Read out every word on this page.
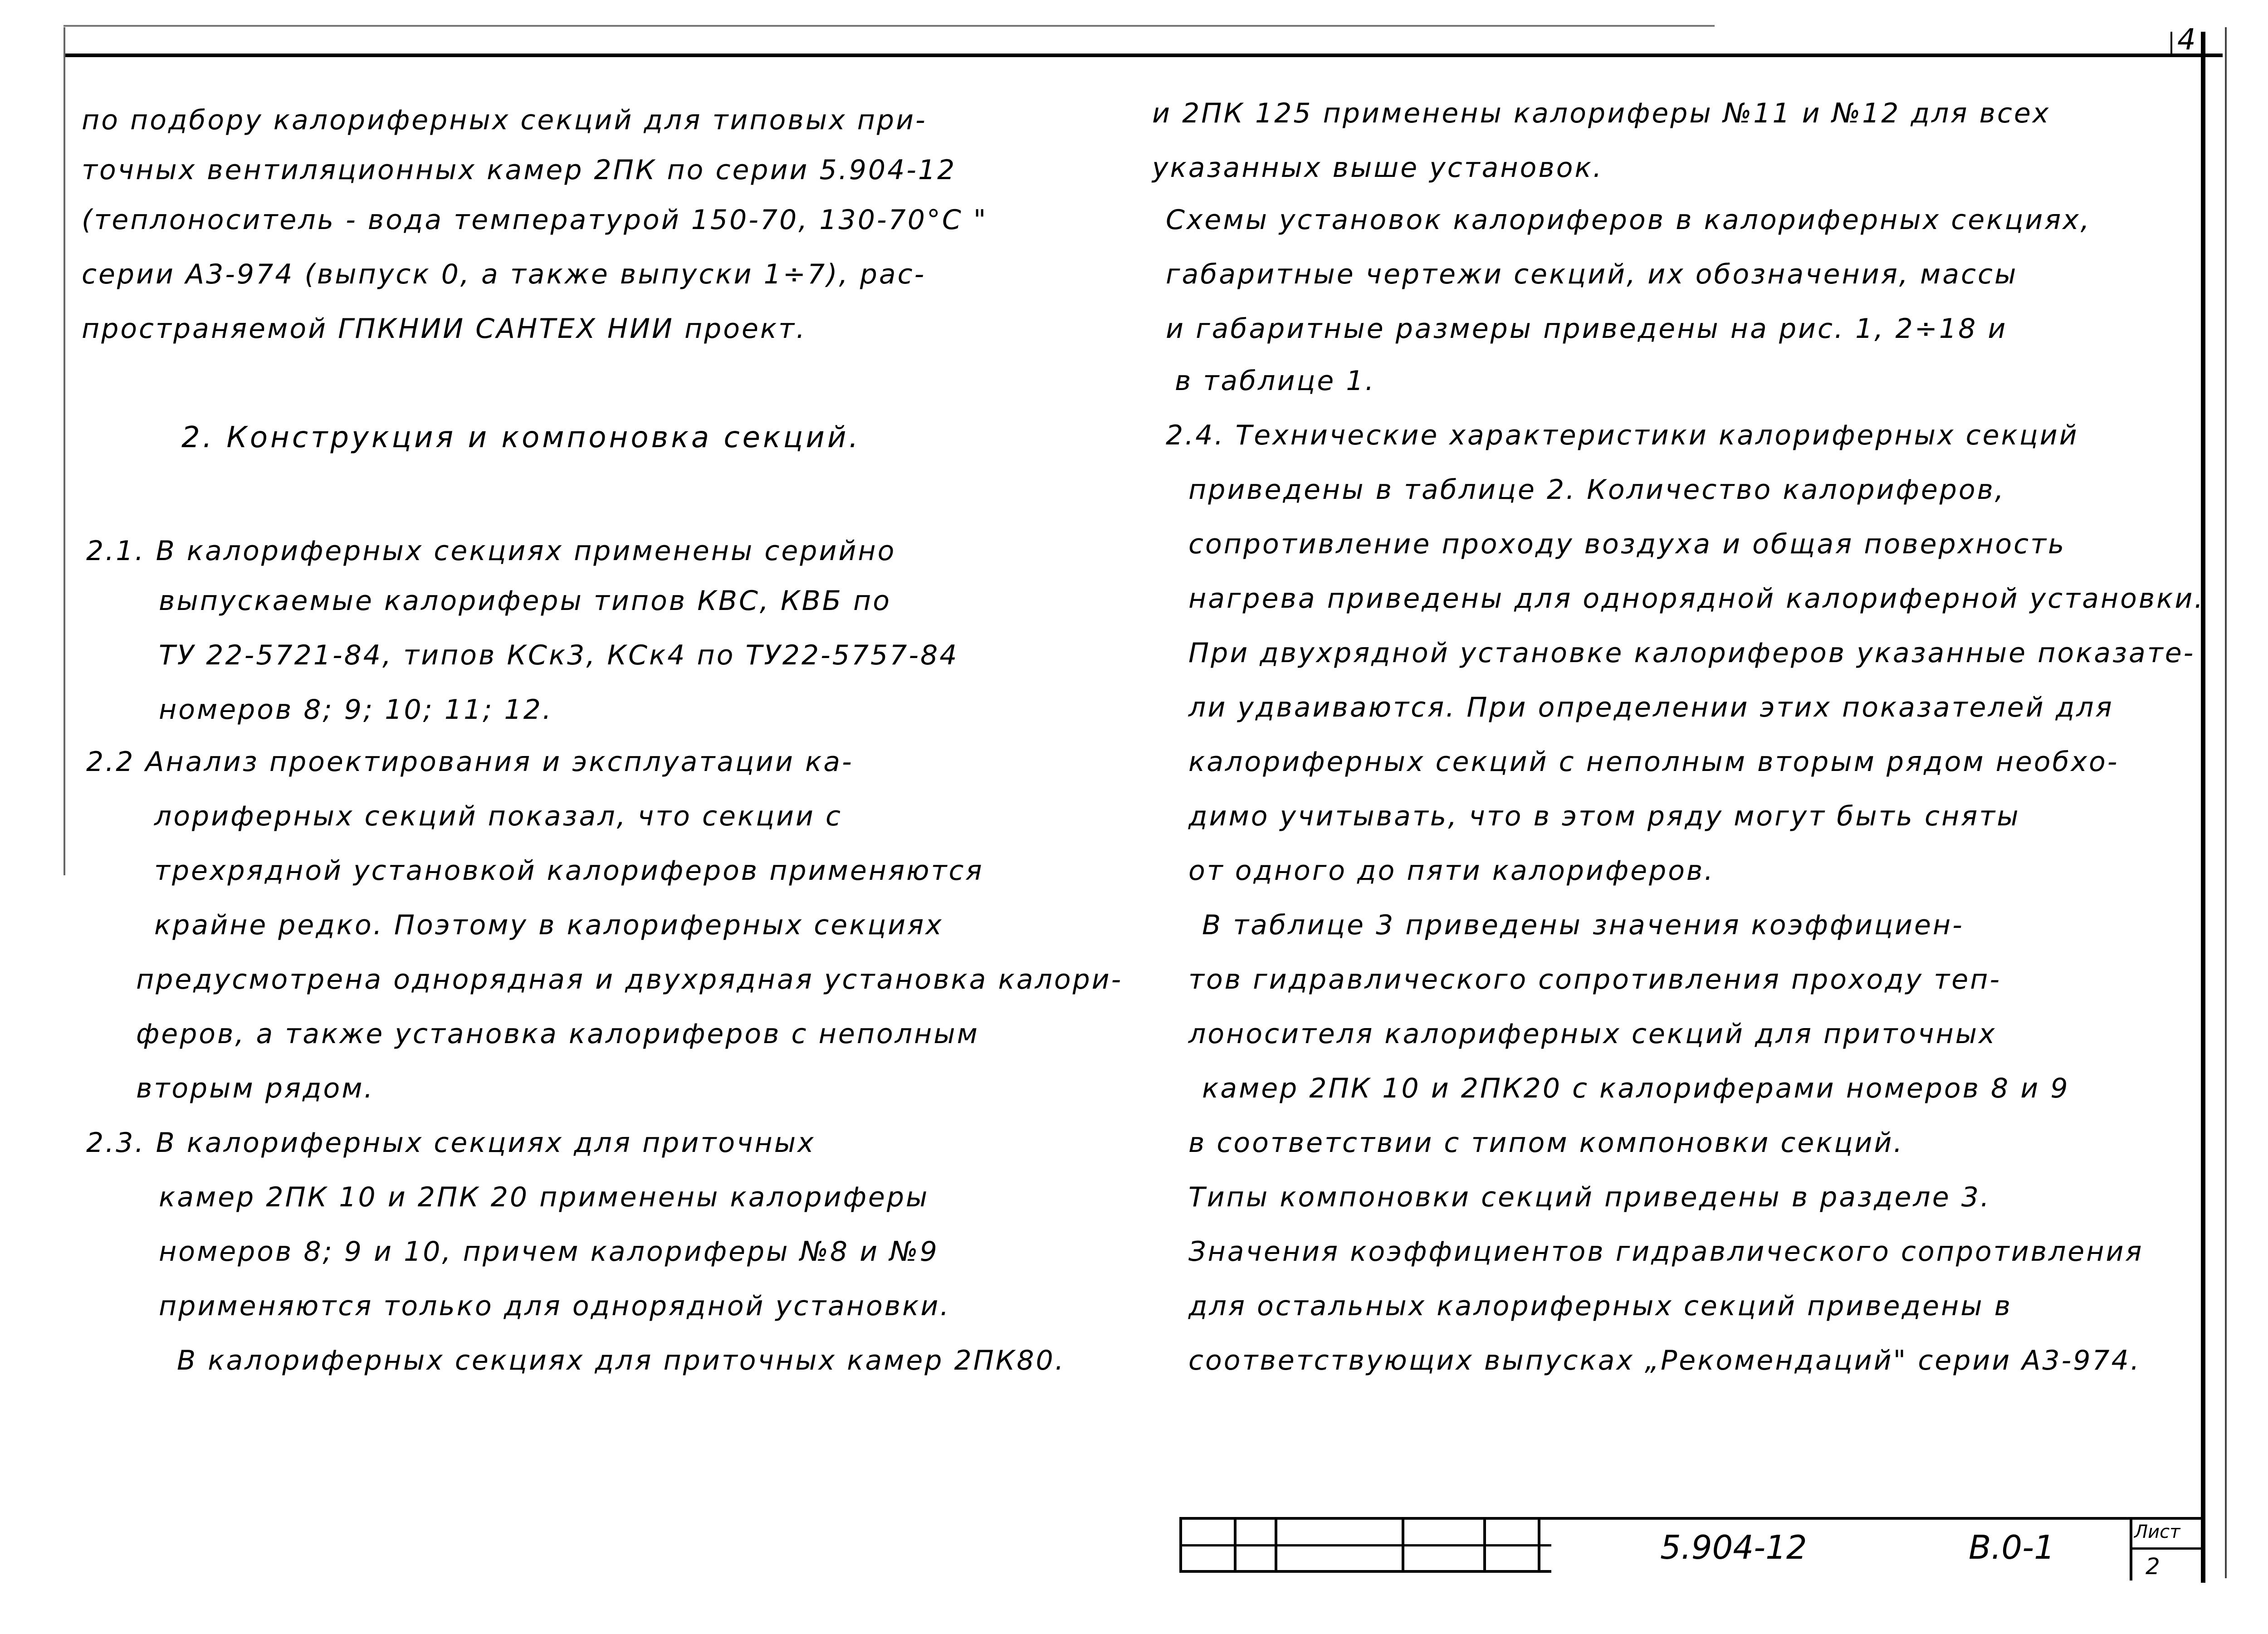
4
по подбору калориферных секций для типовых при-
точных вентиляционных камер 2ПК по серии 5.904-12
(теплоноситель - вода температурой 150-70, 130-70°С "
серии А3-974 (выпуск 0, а также выпуски 1÷7), рас-
пространяемой ГПКНИИ САНТЕХ НИИ проект.
2. Конструкция и компоновка секций.
2.1. В калориферных секциях применены серийно
выпускаемые калориферы типов КВС, КВБ по
ТУ 22-5721-84, типов КСк3, КСк4 по ТУ22-5757-84
номеров 8; 9; 10; 11; 12.
2.2 Анализ проектирования и эксплуатации ка-
лориферных секций показал, что секции с
трехрядной установкой калориферов применяются
крайне редко. Поэтому в калориферных секциях
предусмотрена однорядная и двухрядная установка калори-
феров, а также установка калориферов с неполным
вторым рядом.
2.3. В калориферных секциях для приточных
камер 2ПК 10 и 2ПК 20 применены калориферы
номеров 8; 9 и 10, причем калориферы №8 и №9
применяются только для однорядной установки.
В калориферных секциях для приточных камер 2ПК80.
и 2ПК 125 применены калориферы №11 и №12 для всех
указанных выше установок.
Схемы установок калориферов в калориферных секциях,
габаритные чертежи секций, их обозначения, массы
и габаритные размеры приведены на рис. 1, 2÷18 и
в таблице 1.
2.4. Технические характеристики калориферных секций
приведены в таблице 2. Количество калориферов,
сопротивление проходу воздуха и общая поверхность
нагрева приведены для однорядной калориферной установки.
При двухрядной установке калориферов указанные показате-
ли удваиваются. При определении этих показателей для
калориферных секций с неполным вторым рядом необхо-
димо учитывать, что в этом ряду могут быть сняты
от одного до пяти калориферов.
В таблице 3 приведены значения коэффициен-
тов гидравлического сопротивления проходу теп-
лоносителя калориферных секций для приточных
камер 2ПК 10 и 2ПК20 с калориферами номеров 8 и 9
в соответствии с типом компоновки секций.
Типы компоновки секций приведены в разделе 3.
Значения коэффициентов гидравлического сопротивления
для остальных калориферных секций приведены в
соответствующих выпусках „Рекомендаций" серии А3-974.
5.904-12	В.0-1	Лист
2
